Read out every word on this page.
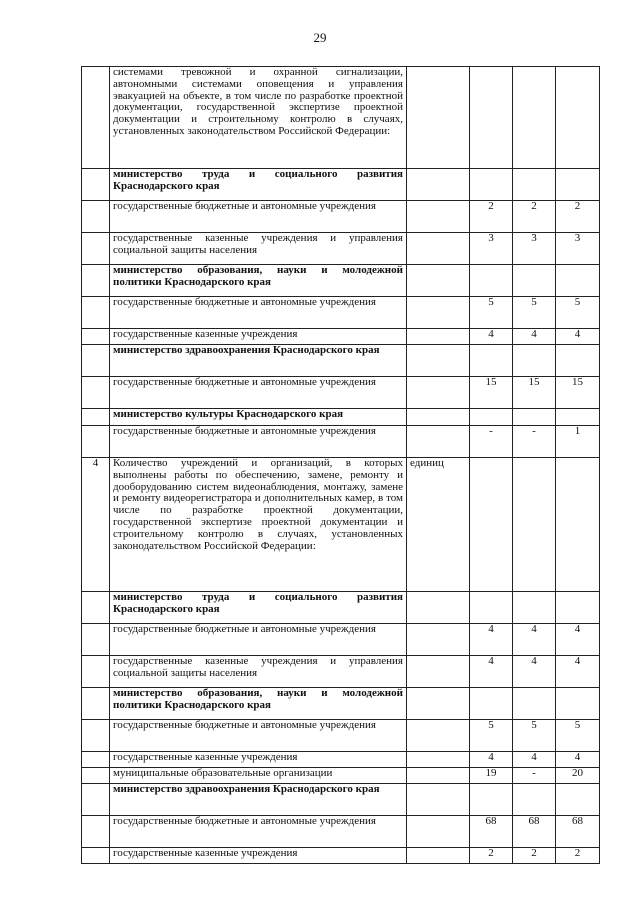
29
	системами тревожной и охранной сигнализации, автономными системами оповещения и управления эвакуацией на объекте, в том числе по разработке проектной документации, государственной экспертизе проектной документации и строительному контролю в случаях, установленных законодательством Российской Федерации:				
	министерство труда и социального развития Краснодарского края				
	государственные бюджетные и автономные учреждения		2	2	2
	государственные казенные учреждения и управления социальной защиты населения		3	3	3
	министерство образования, науки и молодежной политики Краснодарского края				
	государственные бюджетные и автономные учреждения		5	5	5
	государственные казенные учреждения		4	4	4
	министерство здравоохранения Краснодарского края				
	государственные бюджетные и автономные учреждения		15	15	15
	министерство культуры Краснодарского края				
	государственные бюджетные и автономные учреждения		-	-	1
4	Количество учреждений и организаций, в которых выполнены работы по обеспечению, замене, ремонту и дооборудованию систем видеонаблюдения, монтажу, замене и ремонту видеорегистратора и дополнительных камер, в том числе по разработке проектной документации, государственной экспертизе проектной документации и строительному контролю в случаях, установленных законодательством Российской Федерации:	единиц			
	министерство труда и социального развития Краснодарского края				
	государственные бюджетные и автономные учреждения		4	4	4
	государственные казенные учреждения и управления социальной защиты населения		4	4	4
	министерство образования, науки и молодежной политики Краснодарского края				
	государственные бюджетные и автономные учреждения		5	5	5
	государственные казенные учреждения		4	4	4
	муниципальные образовательные организации		19	-	20
	министерство здравоохранения Краснодарского края				
	государственные бюджетные и автономные учреждения		68	68	68
	государственные казенные учреждения		2	2	2
